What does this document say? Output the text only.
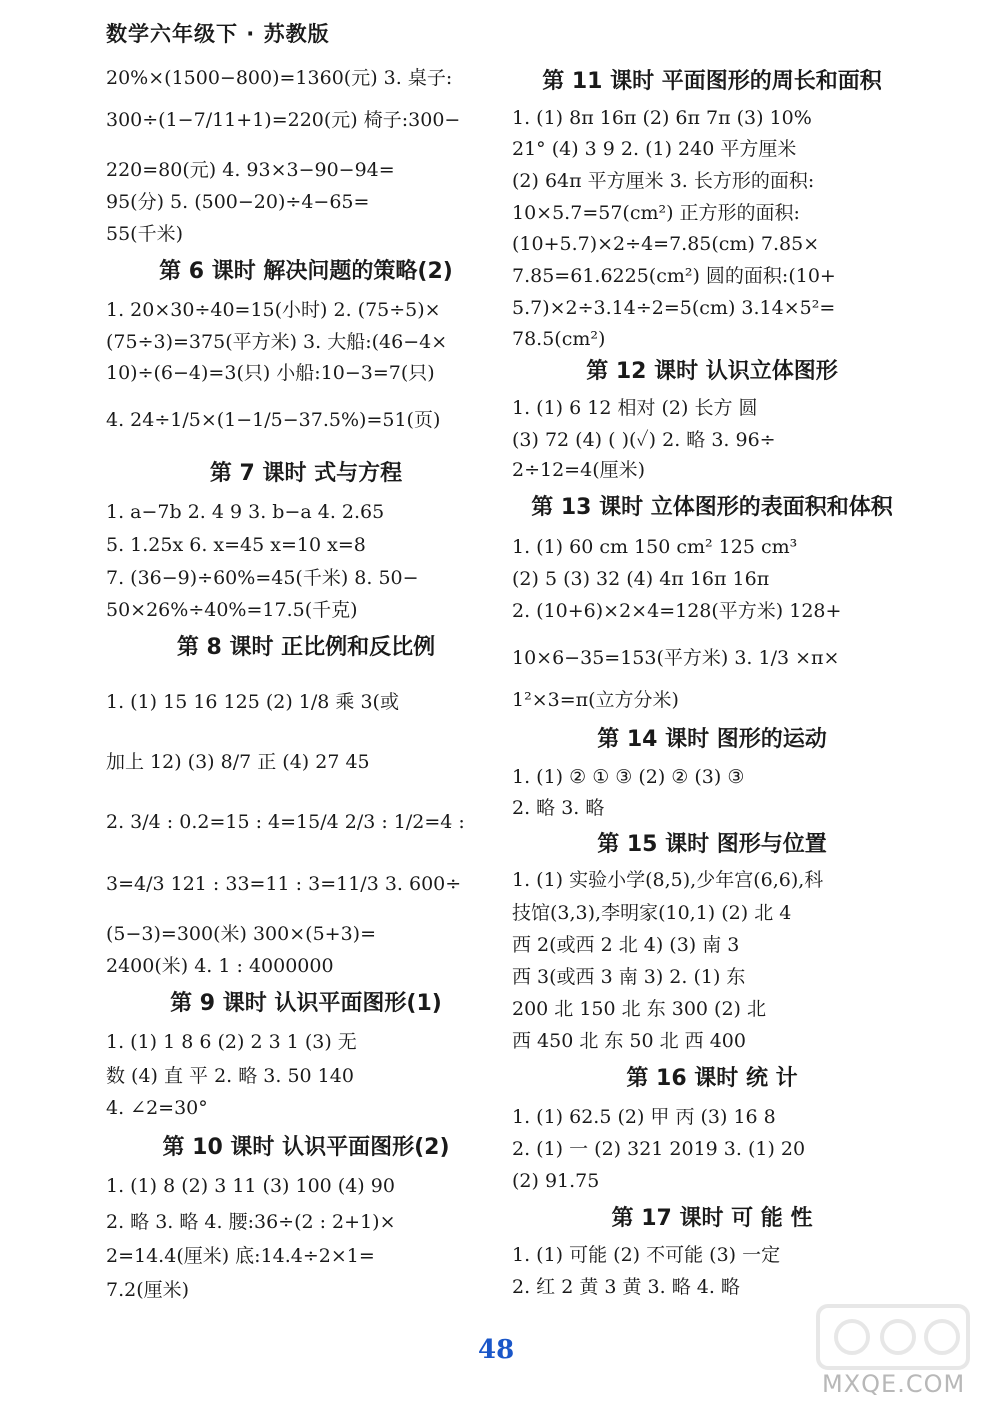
数学六年级下 · 苏教版
20%×(1500−800)=1360(元) 3. 桌子:
300÷(1−7/11+1)=220(元) 椅子:300−
220=80(元) 4. 93×3−90−94=
95(分) 5. (500−20)÷4−65=
55(千米)
第 6 课时 解决问题的策略(2)
1. 20×30÷40=15(小时) 2. (75÷5)×
(75÷3)=375(平方米) 3. 大船:(46−4×
10)÷(6−4)=3(只) 小船:10−3=7(只)
4. 24÷1/5×(1−1/5−37.5%)=51(页)
第 7 课时 式与方程
1. a−7b 2. 4 9 3. b−a 4. 2.65
5. 1.25x 6. x=45 x=10 x=8
7. (36−9)÷60%=45(千米) 8. 50−
50×26%÷40%=17.5(千克)
第 8 课时 正比例和反比例
1. (1) 15 16 125 (2) 1/8 乘 3(或
加上 12) (3) 8/7 正 (4) 27 45
2. 3/4 : 0.2=15 : 4=15/4 2/3 : 1/2=4 :
3=4/3 121 : 33=11 : 3=11/3 3. 600÷
(5−3)=300(米) 300×(5+3)=
2400(米) 4. 1 : 4000000
第 9 课时 认识平面图形(1)
1. (1) 1 8 6 (2) 2 3 1 (3) 无
数 (4) 直 平 2. 略 3. 50 140
4. ∠2=30°
第 10 课时 认识平面图形(2)
1. (1) 8 (2) 3 11 (3) 100 (4) 90
2. 略 3. 略 4. 腰:36÷(2 : 2+1)×
2=14.4(厘米) 底:14.4÷2×1=
7.2(厘米)
第 11 课时 平面图形的周长和面积
1. (1) 8π 16π (2) 6π 7π (3) 10%
21° (4) 3 9 2. (1) 240 平方厘米
(2) 64π 平方厘米 3. 长方形的面积:
10×5.7=57(cm²) 正方形的面积:
(10+5.7)×2÷4=7.85(cm) 7.85×
7.85=61.6225(cm²) 圆的面积:(10+
5.7)×2÷3.14÷2=5(cm) 3.14×5²=
78.5(cm²)
第 12 课时 认识立体图形
1. (1) 6 12 相对 (2) 长方 圆
(3) 72 (4) ( )(✓) 2. 略 3. 96÷
2÷12=4(厘米)
第 13 课时 立体图形的表面积和体积
1. (1) 60 cm 150 cm² 125 cm³
(2) 5 (3) 32 (4) 4π 16π 16π
2. (10+6)×2×4=128(平方米) 128+
10×6−35=153(平方米) 3. 1/3 ×π×
1²×3=π(立方分米)
第 14 课时 图形的运动
1. (1) ② ① ③ (2) ② (3) ③
2. 略 3. 略
第 15 课时 图形与位置
1. (1) 实验小学(8,5),少年宫(6,6),科
技馆(3,3),李明家(10,1) (2) 北 4
西 2(或西 2 北 4) (3) 南 3
西 3(或西 3 南 3) 2. (1) 东
200 北 150 北 东 300 (2) 北
西 450 北 东 50 北 西 400
第 16 课时 统 计
1. (1) 62.5 (2) 甲 丙 (3) 16 8
2. (1) 一 (2) 321 2019 3. (1) 20
(2) 91.75
第 17 课时 可 能 性
1. (1) 可能 (2) 不可能 (3) 一定
2. 红 2 黄 3 黄 3. 略 4. 略
48
MXQE.COM
